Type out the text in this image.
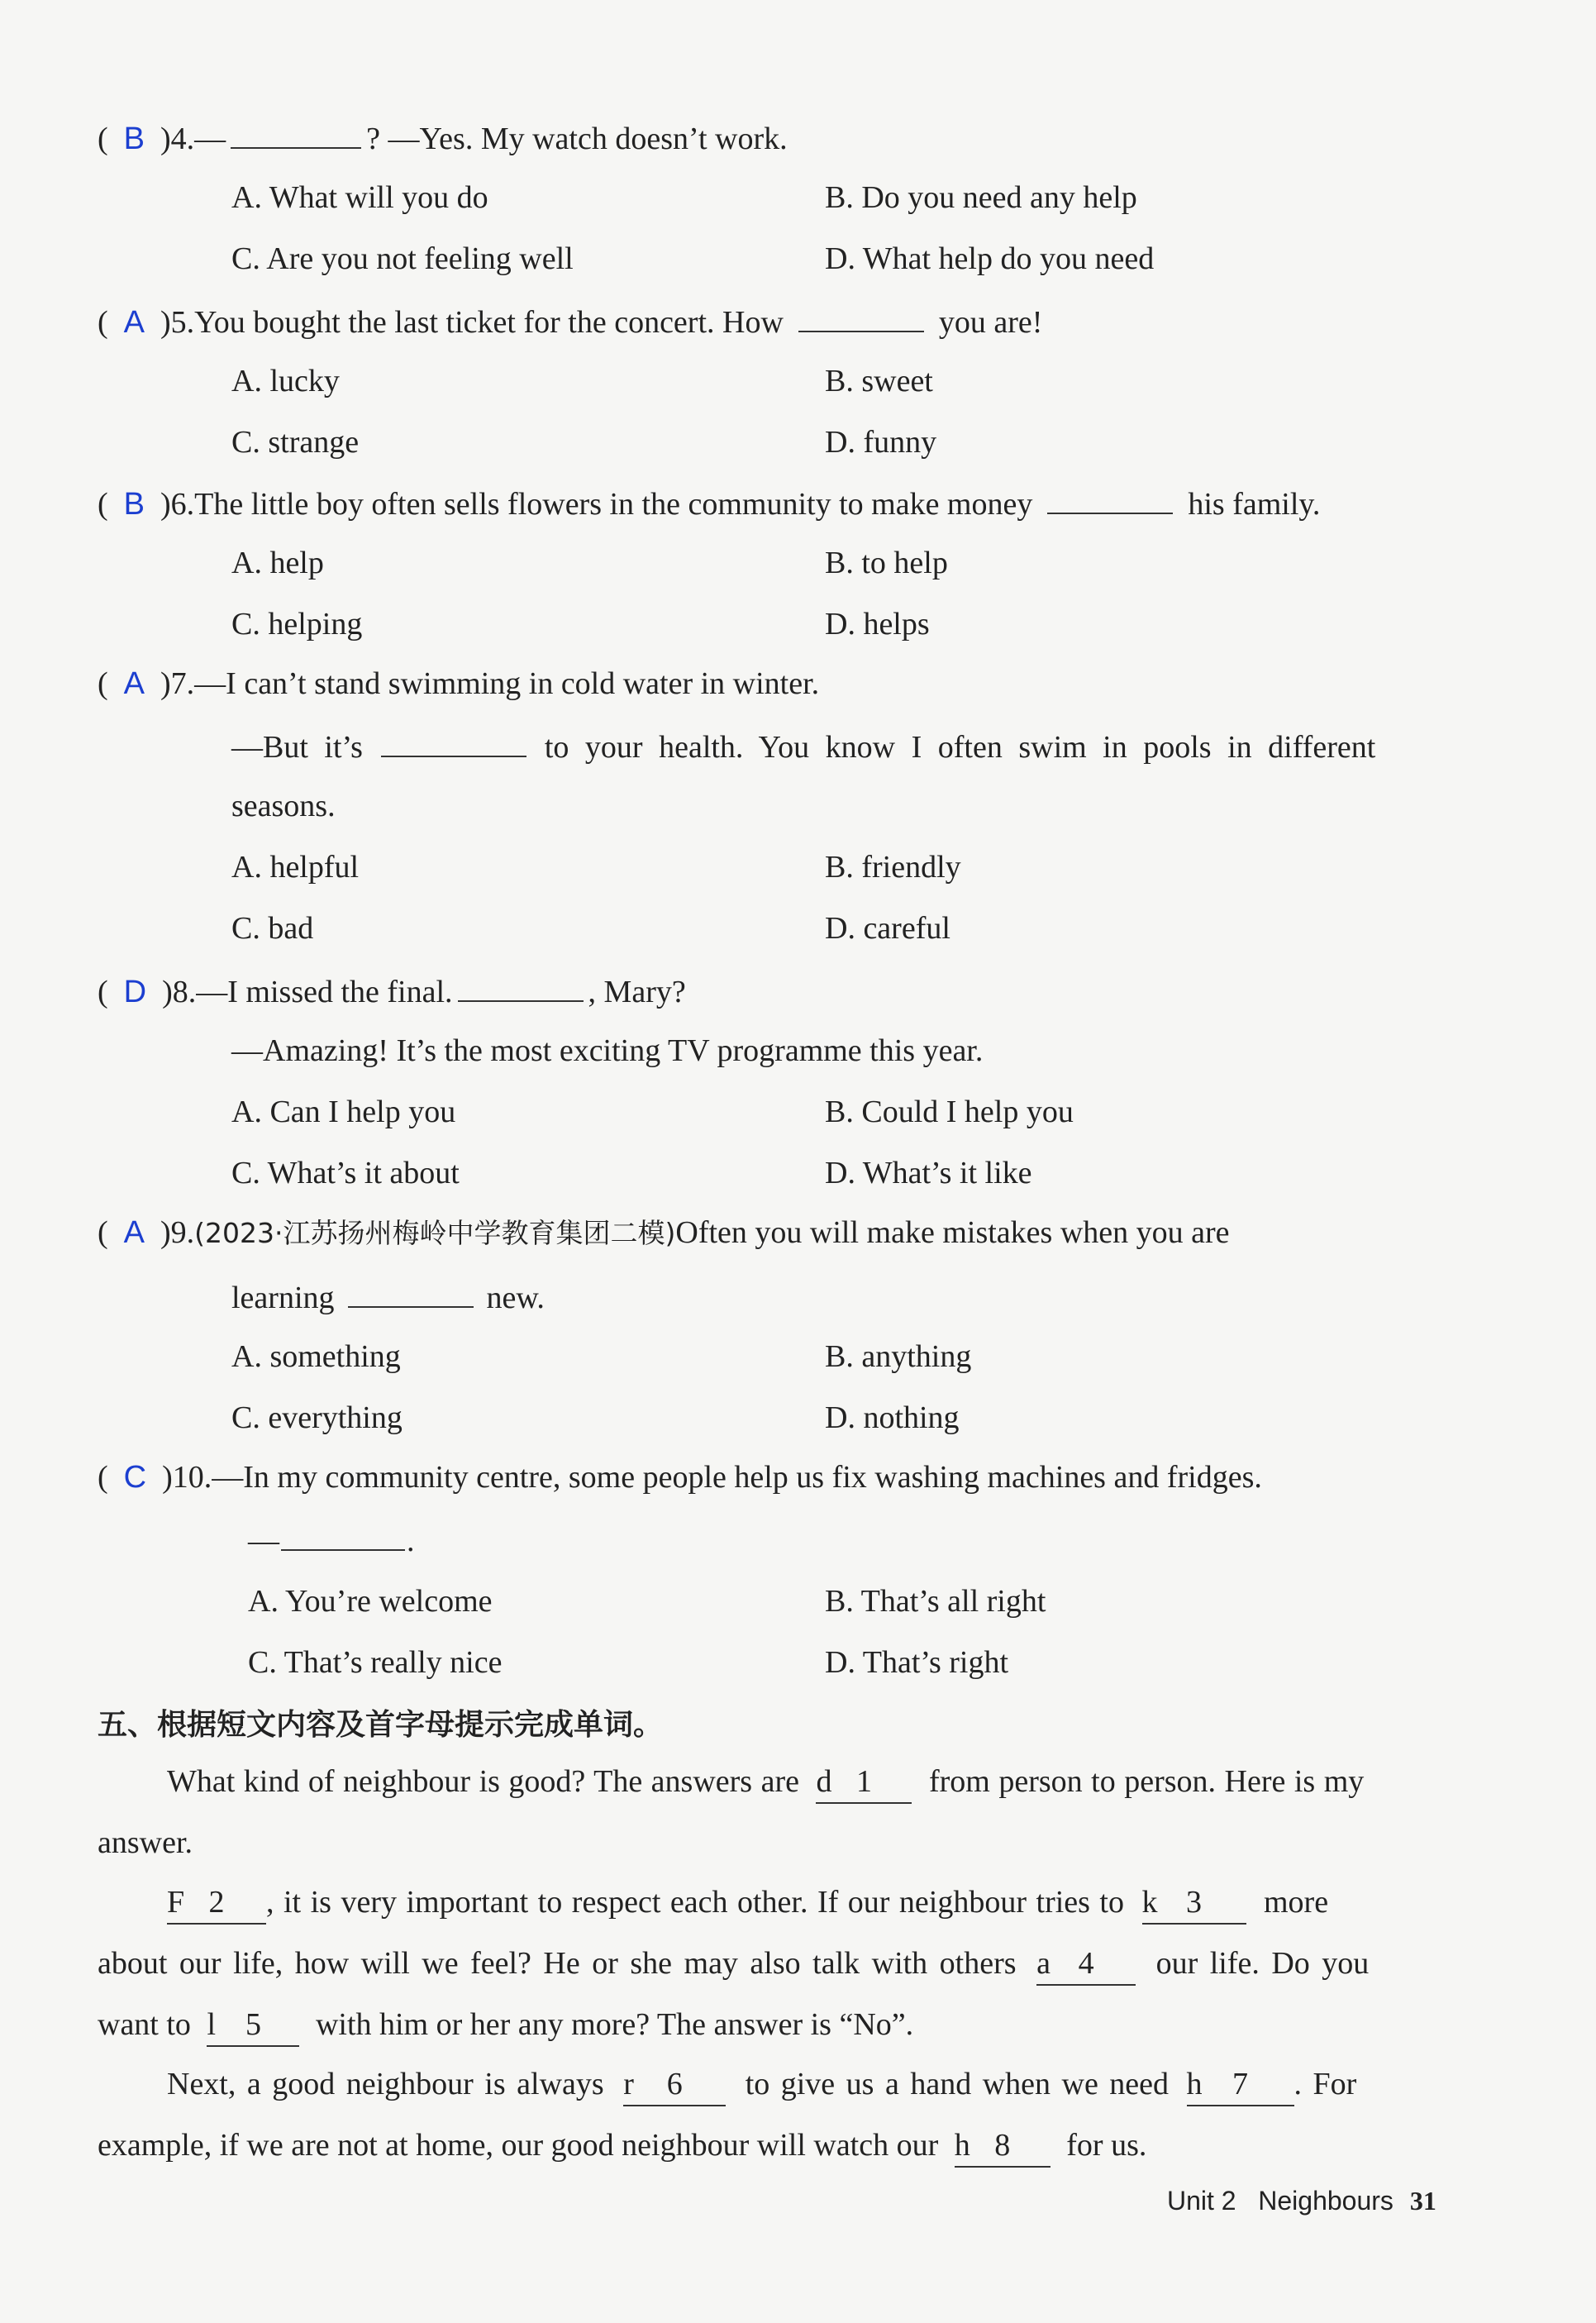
(  B  )4.—	? —Yes. My watch doesn’t work.
A. What will you do	B. Do you need any help
C. Are you not feeling well	D. What help do you need
(  A  )5.You bought the last ticket for the concert. How	you are!
A. lucky	B. sweet
C. strange	D. funny
(  B  )6.The little boy often sells flowers in the community to make money	his family.
A. help	B. to help
C. helping	D. helps
(  A  )7.—I can’t stand swimming in cold water in winter.
—But it’s	to your health. You know I often swim in pools in different
seasons.
A. helpful	B. friendly
C. bad	D. careful
(  D  )8.—I missed the final.	, Mary?
—Amazing! It’s the most exciting TV programme this year.
A. Can I help you	B. Could I help you
C. What’s it about	D. What’s it like
(  A  )9.(2023·江苏扬州梅岭中学教育集团二模)Often you will make mistakes when you are
learning	new.
A. something	B. anything
C. everything	D. nothing
(  C  )10.—In my community centre, some people help us fix washing machines and fridges.
—	.
A. You’re welcome	B. That’s all right
C. That’s really nice	D. That’s right
五、根据短文内容及首字母提示完成单词。
What kind of neighbour is good? The answers are d 1	from person to person. Here is my
answer.
F 2	, it is very important to respect each other. If our neighbour tries to k 3	more
about our life, how will we feel? He or she may also talk with others a 4	our life. Do you
want to l 5	with him or her any more? The answer is “No”.
Next, a good neighbour is always r	6	to give us a hand when we need h 7	. For
example, if we are not at home, our good neighbour will watch our h 8	for us.
Unit 2 Neighbours 31
